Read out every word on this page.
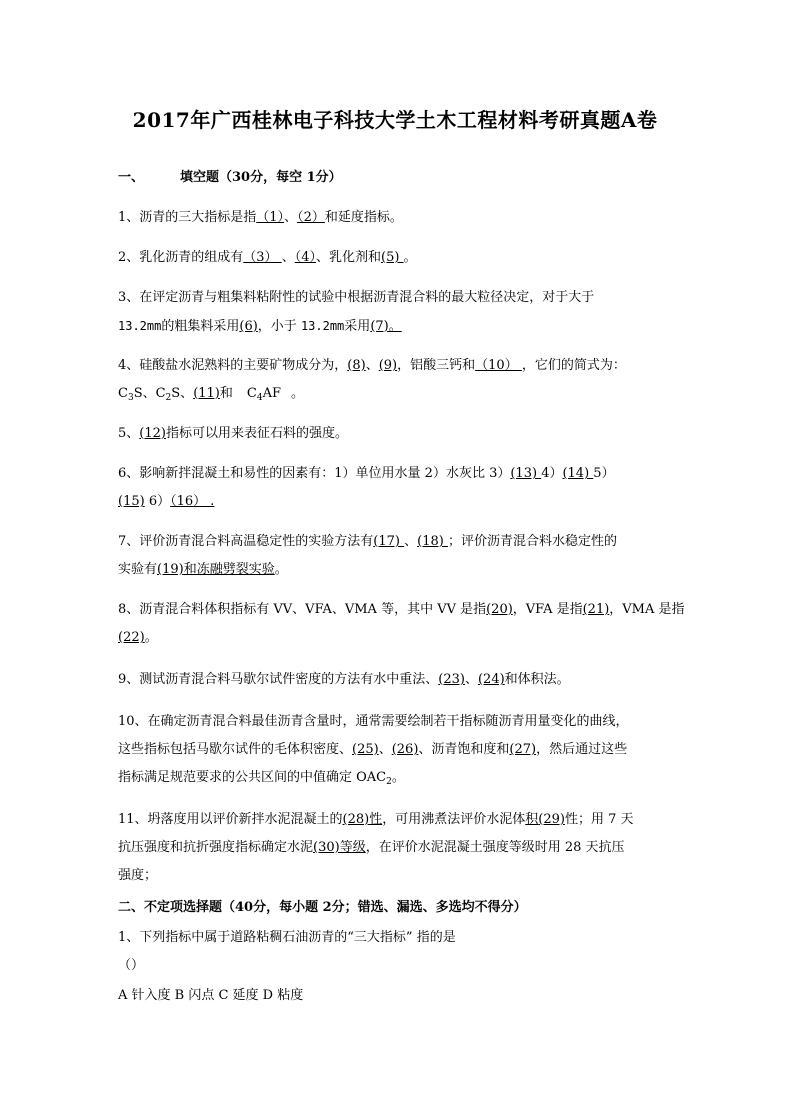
2017年广西桂林电子科技大学土木工程材料考研真题A卷
一、	填空题（30分，每空 1分）
1、沥青的三大指标是指（1）、（2）和延度指标。
2、乳化沥青的组成有（3） 、（4）、乳化剂和(5) 。
3、在评定沥青与粗集料粘附性的试验中根据沥青混合料的最大粒径决定，对于大于
13.2mm的粗集料采用(6)，小于 13.2mm采用(7)。
4、硅酸盐水泥熟料的主要矿物成分为，(8)、(9)，铝酸三钙和（10） ，它们的简式为：
$C_3S$、$C_2S$、(11)和 $C_4AF$ 。
5、(12)指标可以用来表征石料的强度。
6、影响新拌混凝土和易性的因素有：1）单位用水量 2）水灰比 3）(13) 4）(14) 5）
(15) 6）（16） .
7、评价沥青混合料高温稳定性的实验方法有(17) 、(18) ；评价沥青混合料水稳定性的
实验有(19)和冻融劈裂实验。
8、沥青混合料体积指标有 VV、VFA、VMA 等，其中 VV 是指(20)，VFA 是指(21)，VMA 是指
(22)。
9、测试沥青混合料马歇尔试件密度的方法有水中重法、(23)、(24)和体积法。
10、在确定沥青混合料最佳沥青含量时，通常需要绘制若干指标随沥青用量变化的曲线，
这些指标包括马歇尔试件的毛体积密度、(25)、(26)、沥青饱和度和(27)，然后通过这些
指标满足规范要求的公共区间的中值确定 $OAC_2$。
11、坍落度用以评价新拌水泥混凝土的(28)性，可用沸煮法评价水泥体积(29)性；用 7 天
抗压强度和抗折强度指标确定水泥(30)等级，在评价水泥混凝土强度等级时用 28 天抗压
强度；
二、不定项选择题（40分，每小题 2分；错选、漏选、多选均不得分）
1、下列指标中属于道路粘稠石油沥青的“三大指标” 指的是
（）
A 针入度 B 闪点 C 延度 D 粘度
